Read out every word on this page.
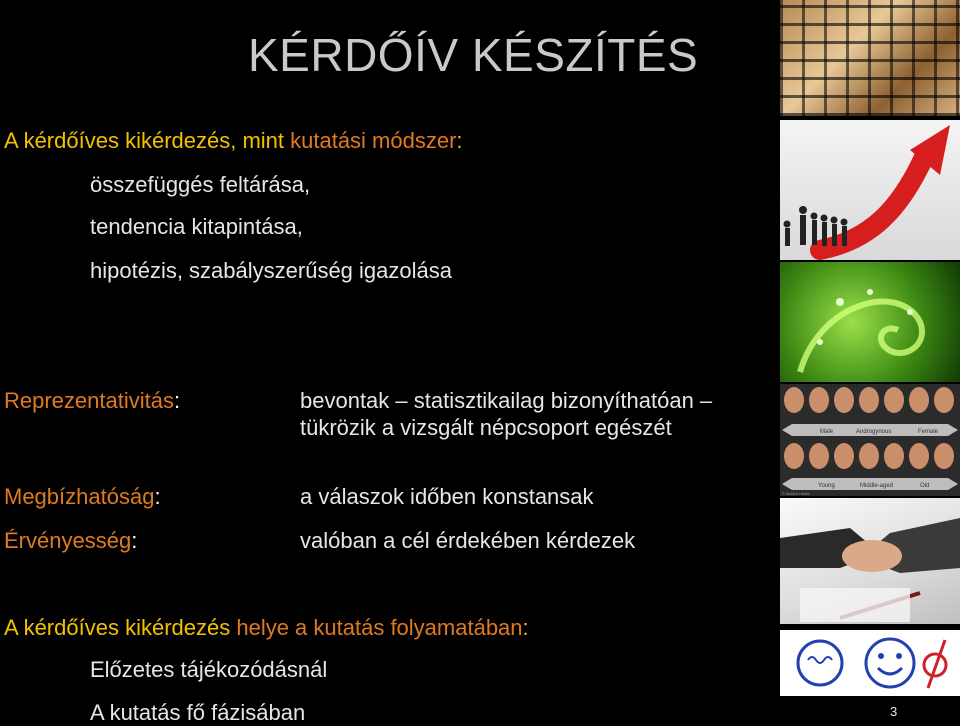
KÉRDŐÍV KÉSZÍTÉS
A kérdőíves kikérdezés, mint kutatási módszer:
összefüggés feltárása,
tendencia kitapintása,
hipotézis, szabályszerűség igazolása
Reprezentativitás:	bevontak – statisztikailag bizonyíthatóan –
tükrözik a vizsgált népcsoport egészét
Megbízhatóság:	a válaszok időben konstansak
Érvényesség:	valóban a cél érdekében kérdezek
A kérdőíves kikérdezés helye a kutatás folyamatában:
Előzetes tájékozódásnál
A kutatás fő fázisában
Male	Androgynous	Female
Young	Middle-aged	Old
© Aldrich Hinds
3
